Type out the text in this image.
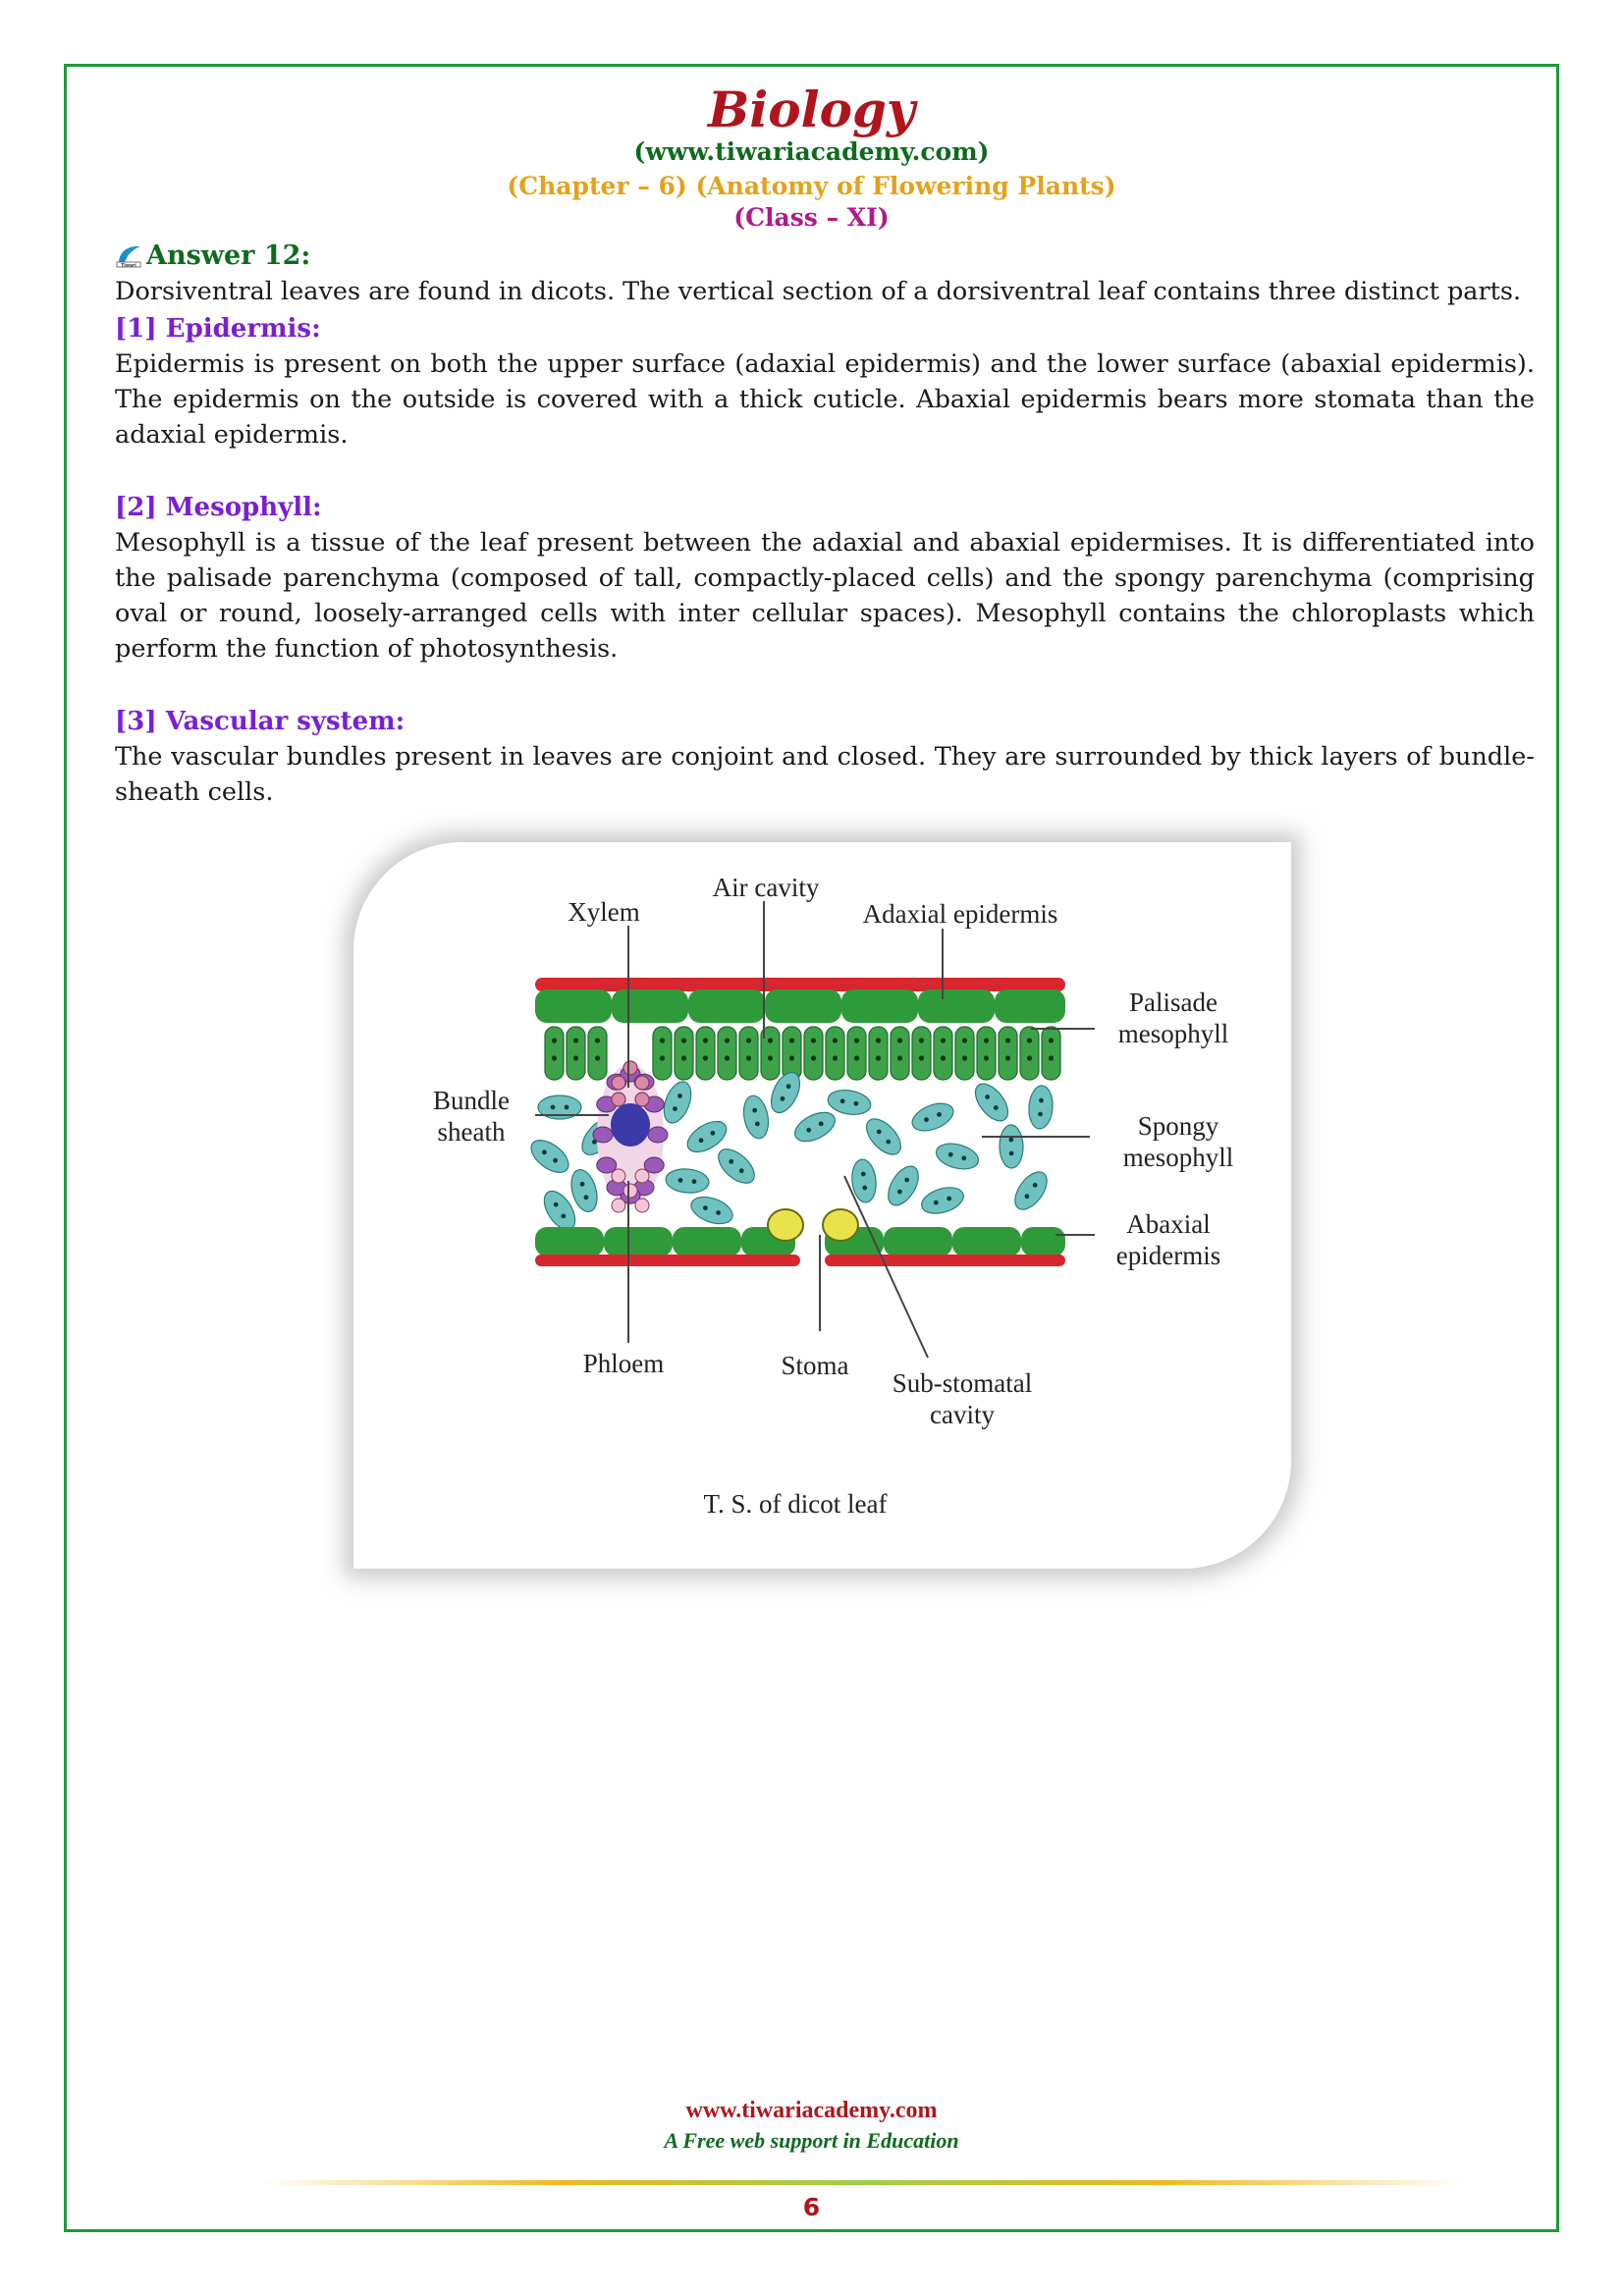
Biology
(www.tiwariacademy.com)
(Chapter – 6) (Anatomy of Flowering Plants)
(Class – XI)
Tiwari Answer 12:

Dorsiventral leaves are found in dicots. The vertical section of a dorsiventral leaf contains three distinct parts.

[1] Epidermis:

Epidermis is present on both the upper surface (adaxial epidermis) and the lower surface (abaxial epidermis). The epidermis on the outside is covered with a thick cuticle. Abaxial epidermis bears more stomata than the adaxial epidermis.

[2] Mesophyll:

Mesophyll is a tissue of the leaf present between the adaxial and abaxial epidermises. It is differentiated into the palisade parenchyma (composed of tall, compactly-placed cells) and the spongy parenchyma (comprising oval or round, loosely-arranged cells with inter cellular spaces). Mesophyll contains the chloroplasts which perform the function of photosynthesis.

[3] Vascular system:

The vascular bundles present in leaves are conjoint and closed. They are surrounded by thick layers of bundle-sheath cells.

Xylem
Air cavity
Adaxial epidermis
Palisade
mesophyll
Bundle
sheath	Spongy
mesophyll
Abaxial
epidermis
Phloem	Stoma
Sub-stomatal
cavity
T. S. of dicot leaf
www.tiwariacademy.com
A Free web support in Education
6
